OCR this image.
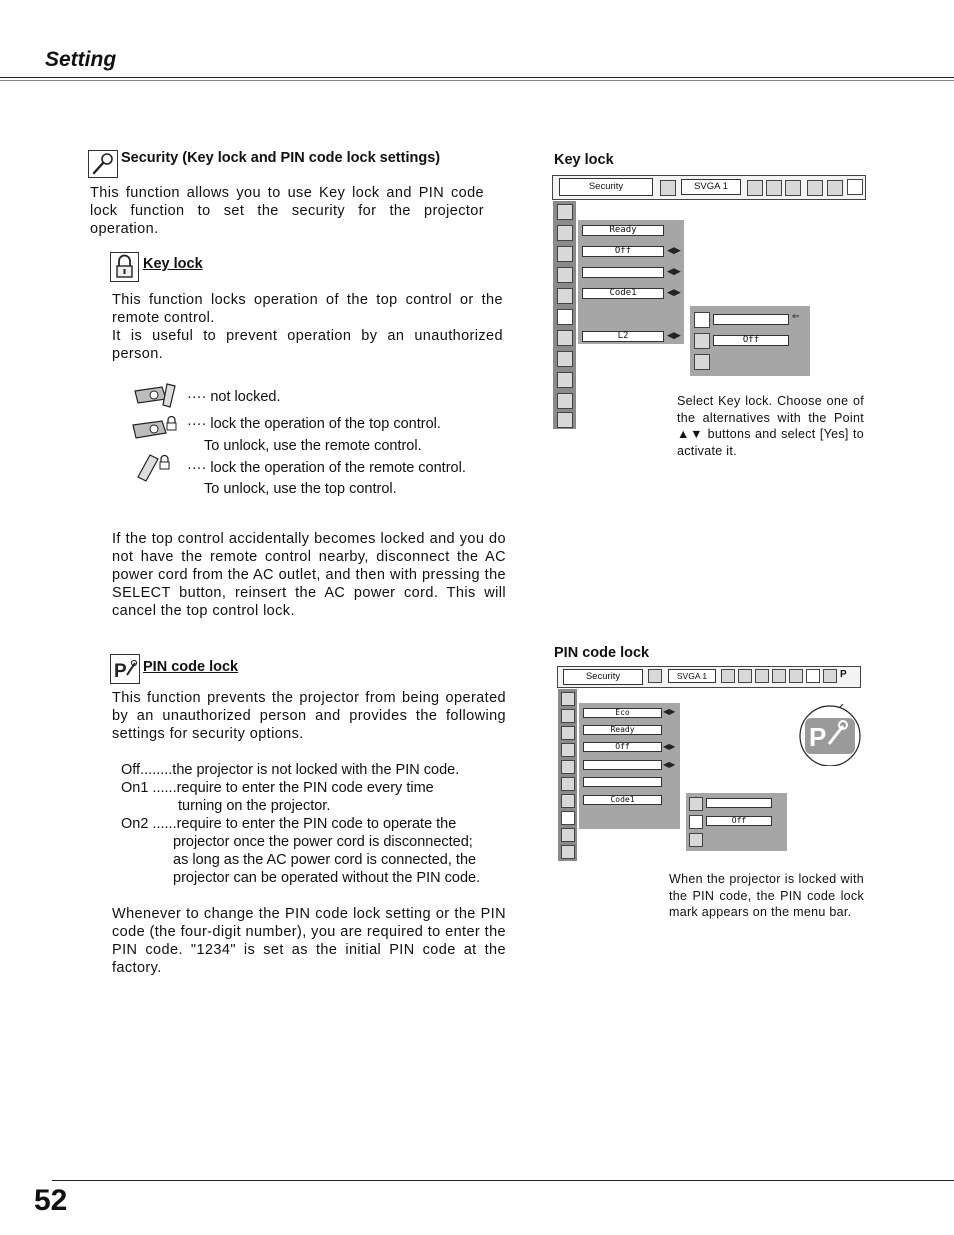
Setting
Security (Key lock and PIN code lock settings)
This function allows you to use Key lock and PIN code lock function to set the security for the projector operation.
Key lock
This function locks operation of the top control or the remote control.
It is useful to prevent operation by an unauthorized person.
···· not locked.
···· lock the operation of the top control.
To unlock, use the remote control.
···· lock the operation of the remote control.
To unlock, use the top control.
If the top control accidentally becomes locked and you do not have the remote control nearby, disconnect the AC power cord from the AC outlet, and then with pressing the SELECT button, reinsert the AC power cord. This will cancel the top control lock.
P PIN code lock
This function prevents the projector from being operated by an unauthorized person and provides the following settings for security options.
Off........the projector is not locked with the PIN code.
On1 ......require to enter the PIN code every time
turning on the projector.
On2 ......require to enter the PIN code to operate the
projector once the power cord is disconnected;
as long as the AC power cord is connected, the
projector can be operated without the PIN code.
Whenever to change the PIN code lock setting or the PIN code (the four-digit number), you are required to enter the PIN code. "1234" is set as the initial PIN code at the factory.
Key lock
Security	SVGA 1
Ready
Off	◀▶
◀▶
Code1	◀▶
L2	◀▶
⇐
Off
Select Key lock. Choose one of the alternatives with the Point ▲▼ buttons and select [Yes] to activate it.
PIN code lock
Security	SVGA 1	P
P
Eco	◀▶
Ready
Off	◀▶
◀▶
Code1
Off
When the projector is locked with the PIN code, the PIN code lock mark appears on the menu bar.
52
